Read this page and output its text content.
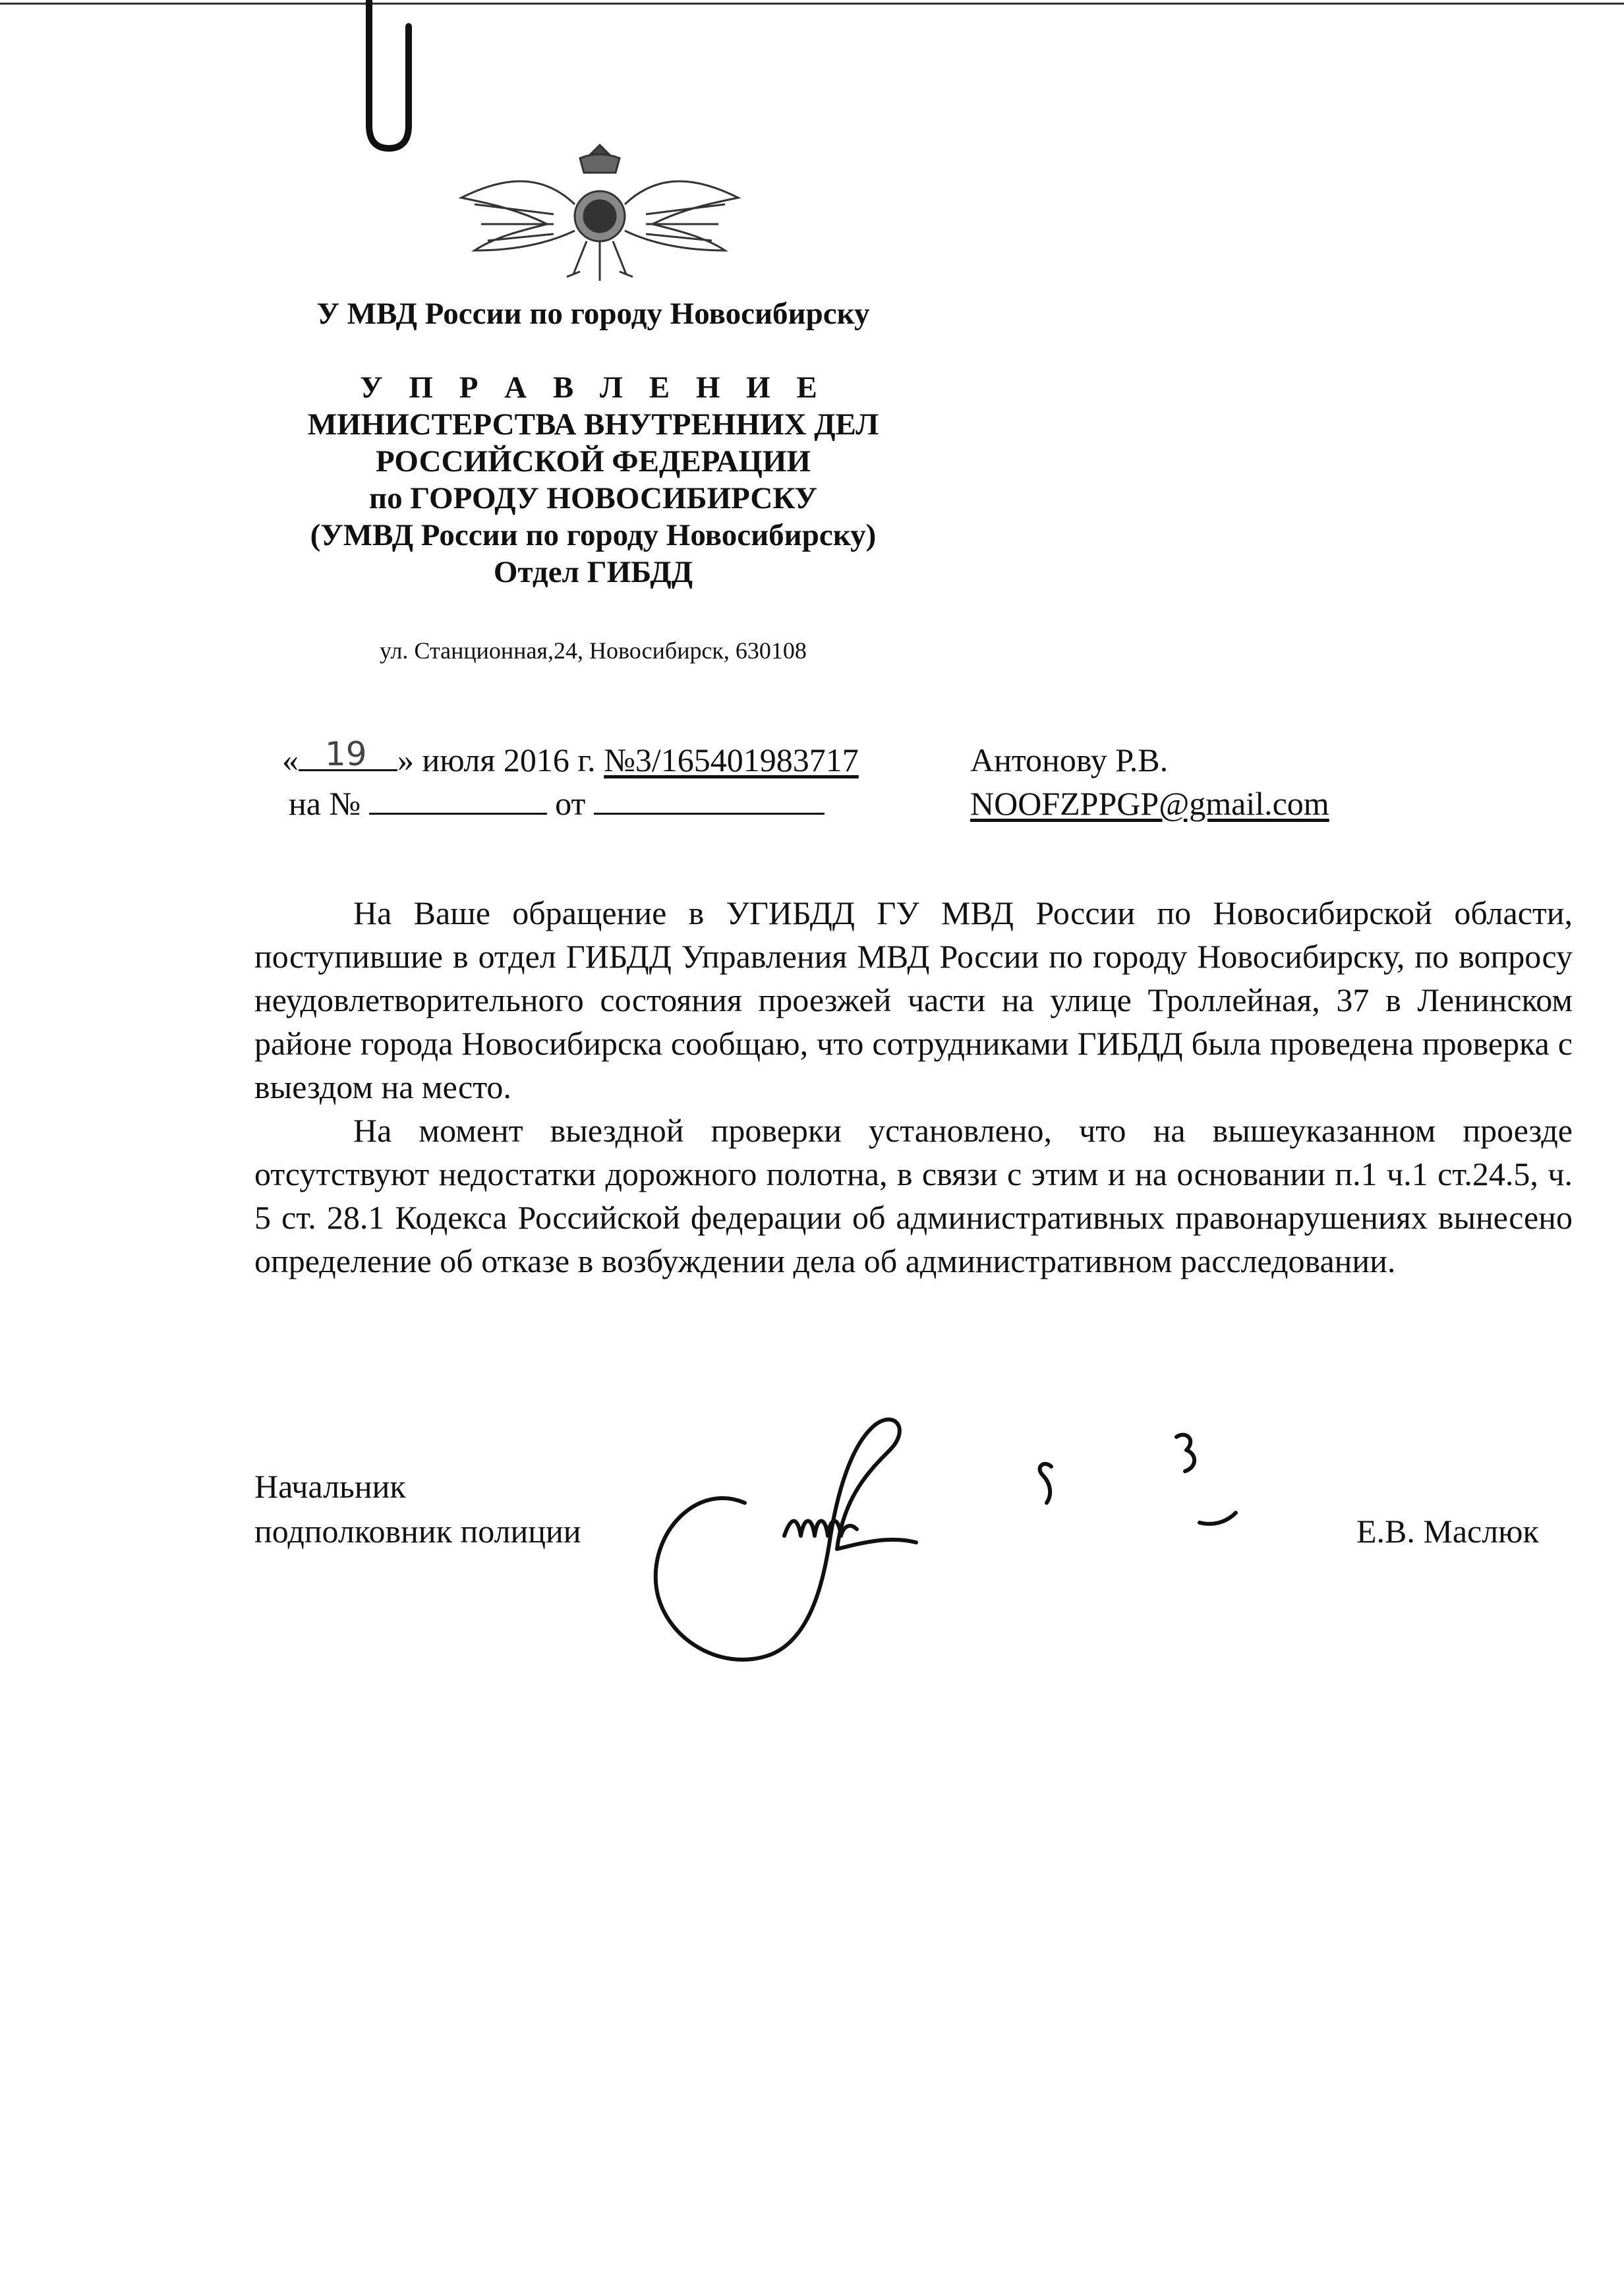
У МВД России по городу Новосибирску
У П Р А В Л Е Н И Е
МИНИСТЕРСТВА ВНУТРЕННИХ ДЕЛ
РОССИЙСКОЙ ФЕДЕРАЦИИ
по ГОРОДУ НОВОСИБИРСКУ
(УМВД России по городу Новосибирску)
Отдел ГИБДД
ул. Станционная,24, Новосибирск, 630108
« 19 » июля 2016 г. №3/165401983717
на №	от
Антонову Р.В.
NOOFZPPGP@gmail.com

На Ваше обращение в УГИБДД ГУ МВД России по Новосибирской области, поступившие в отдел ГИБДД Управления МВД России по городу Новосибирску, по вопросу неудовлетворительного состояния проезжей части на улице Троллейная, 37 в Ленинском районе города Новосибирска сообщаю, что сотрудниками ГИБДД была проведена проверка с выездом на место.

На момент выездной проверки установлено, что на вышеуказанном проезде отсутствуют недостатки дорожного полотна, в связи с этим и на основании п.1 ч.1 ст.24.5, ч. 5 ст. 28.1 Кодекса Российской федерации об административных правонарушениях вынесено определение об отказе в возбуждении дела об административном расследовании.

Начальник
подполковник полиции	Е.В. Маслюк
